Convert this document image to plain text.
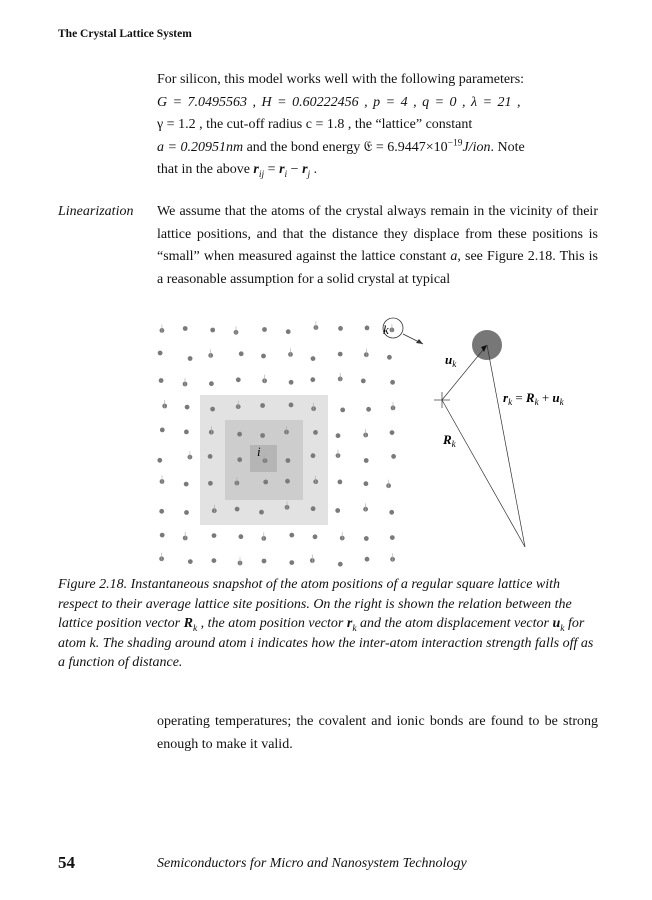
The Crystal Lattice System

For silicon, this model works well with the following parameters:

G = 7.0495563 , H = 0.60222456 , p = 4 , q = 0 , λ = 21 ,

γ = 1.2 , the cut-off radius c = 1.8 , the “lattice” constant

a = 0.20951nm and the bond energy 𝔈 = $6.9447\times 10^{-19}J$/ion. Note

that in the above $r_{ij} = r_i - r_j$ .

Linearization	We assume that the atoms of the crystal always remain in the vicinity of their lattice positions, and that the distance they displace from these positions is “small” when measured against the lattice constant a, see Figure 2.18. This is a reasonable assumption for a solid crystal at typical

k
i
$u_k$
$R_k$
$r_k = R_k + u_k$
Figure 2.18. Instantaneous snapshot of the atom positions of a regular square lattice with respect to their average lattice site positions. On the right is shown the relation between the lattice position vector $R_k$ , the atom position vector $r_k$ and the atom displacement vector $u_k$ for atom k. The shading around atom i indicates how the inter-atom interaction strength falls off as a function of distance.

operating temperatures; the covalent and ionic bonds are found to be strong enough to make it valid.

54	Semiconductors for Micro and Nanosystem Technology
